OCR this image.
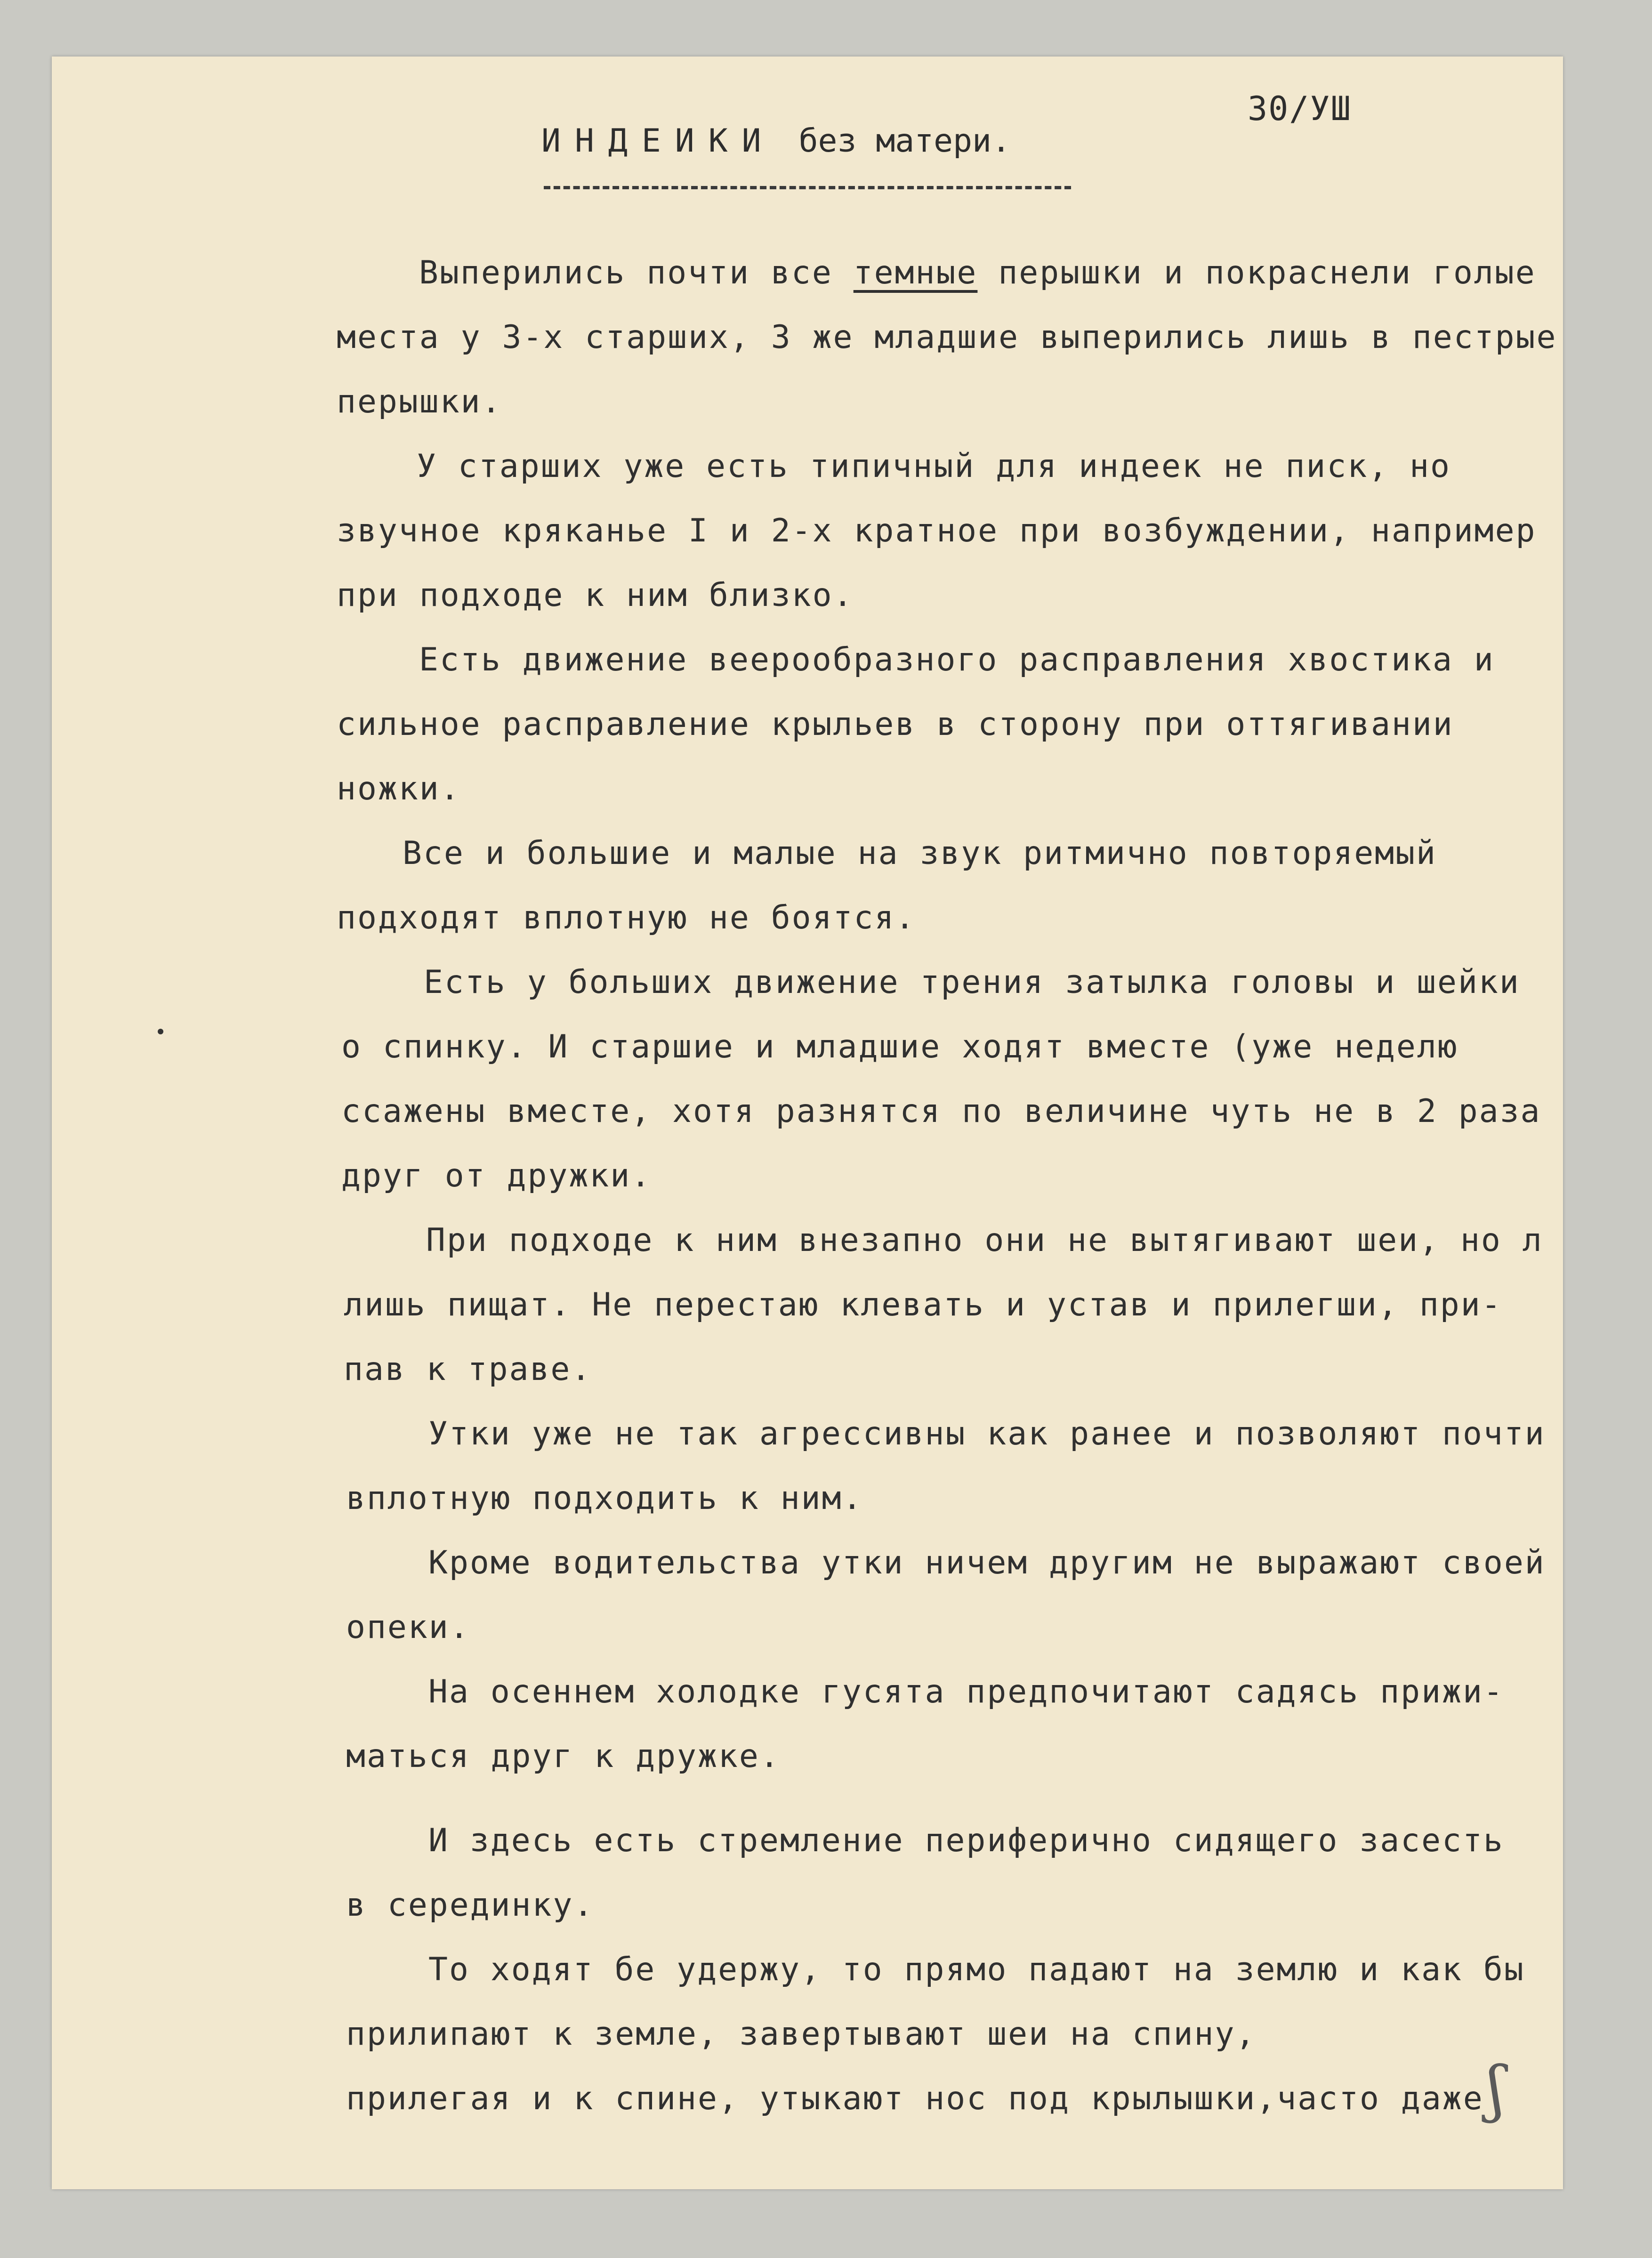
30/УШ
ИНДЕИКИ без матери.
Выперились почти все темные перышки и покраснели голые
места у 3-х старших, 3 же младшие выперились лишь в пестрые
перышки.
У старших уже есть типичный для индеек не писк, но
звучное кряканье I и 2-х кратное при возбуждении, например
при подходе к ним близко.
Есть движение веерообразного расправления хвостика и
сильное расправление крыльев в сторону при оттягивании
ножки.
Все и большие и малые на звук ритмично повторяемый
подходят вплотную не боятся.
Есть у больших движение трения затылка головы и шейки
о спинку. И старшие и младшие ходят вместе (уже неделю
ссажены вместе, хотя разнятся по величине чуть не в 2 раза
друг от дружки.
При подходе к ним внезапно они не вытягивают шеи, но л
лишь пищат. Не перестаю клевать и устав и прилегши, при-
пав к траве.
Утки уже не так агрессивны как ранее и позволяют почти
вплотную подходить к ним.
Кроме водительства утки ничем другим не выражают своей
опеки.
На осеннем холодке гусята предпочитают садясь прижи-
маться друг к дружке.
И здесь есть стремление периферично сидящего засесть
в серединку.
То ходят бе удержу, то прямо падают на землю и как бы
прилипают к земле, завертывают шеи на спину,
прилегая и к спине, утыкают нос под крылышки,часто даже ʃ
